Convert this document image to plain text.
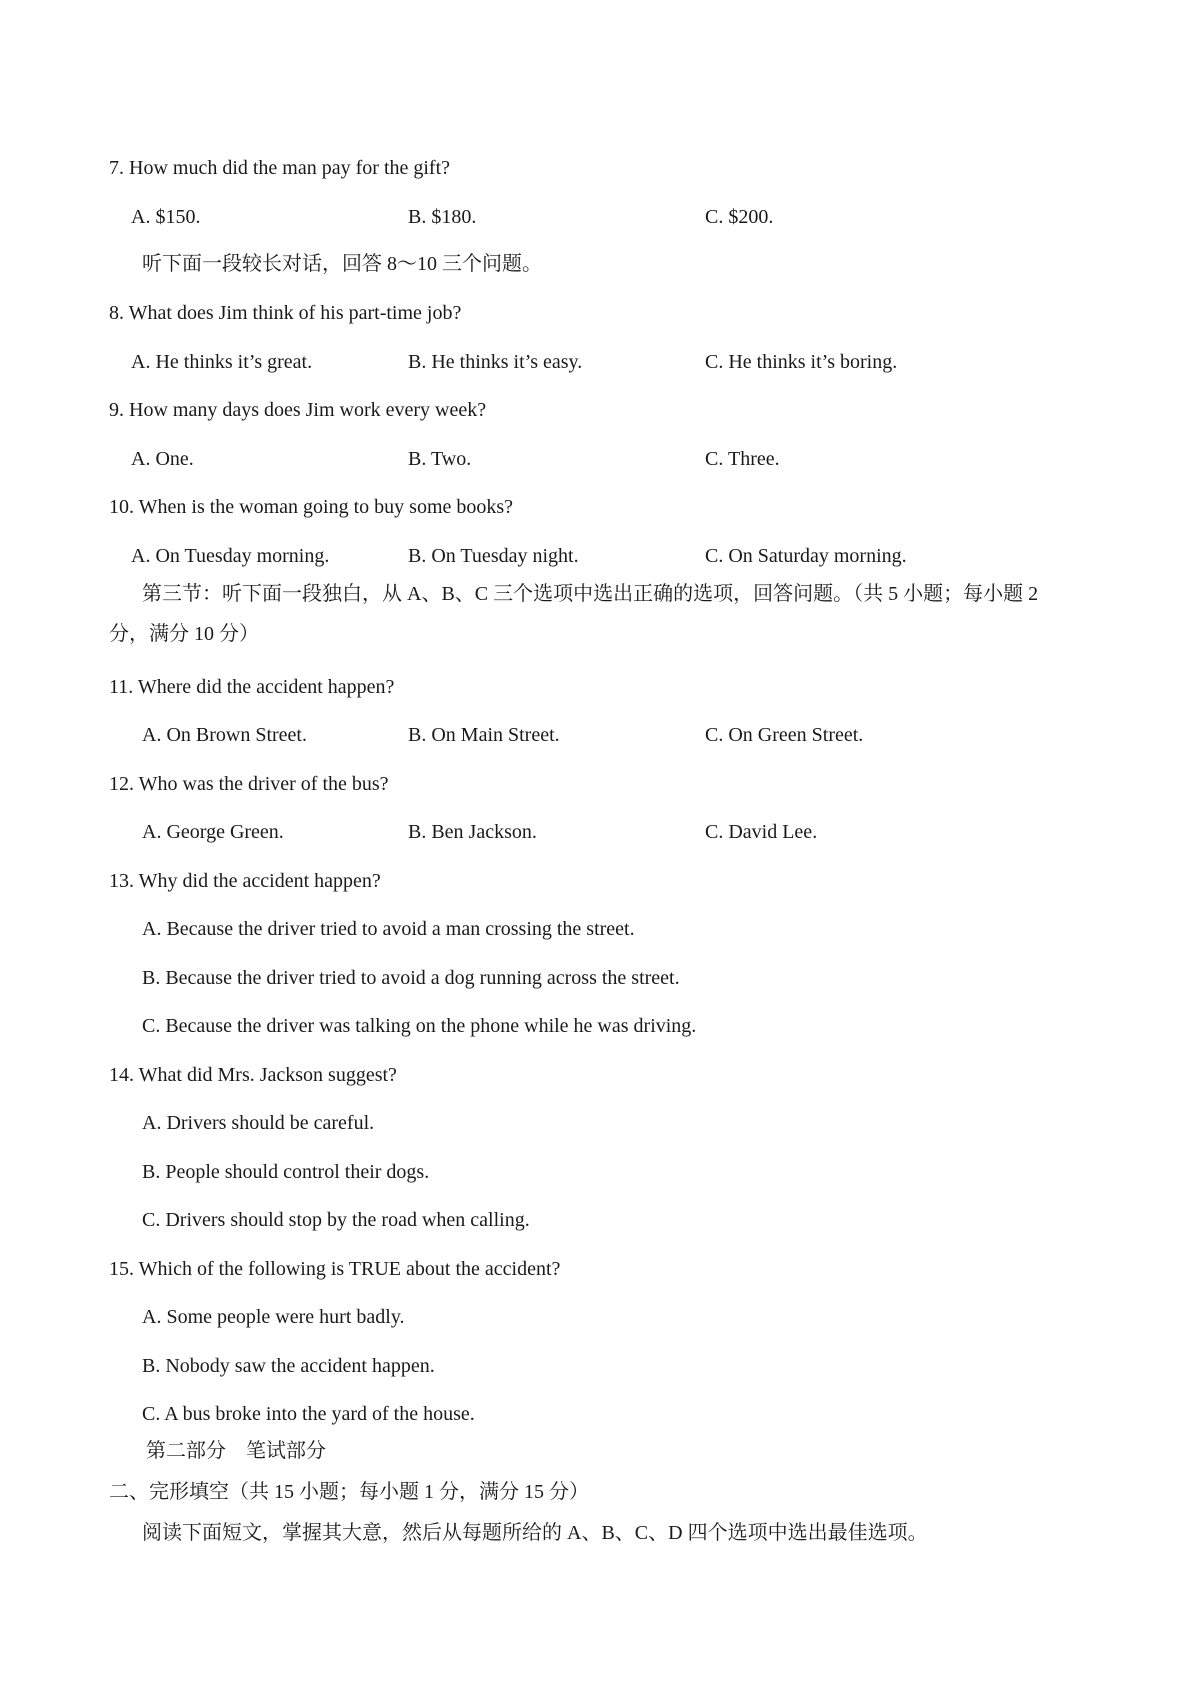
7. How much did the man pay for the gift?
A. $150.	B. $180.	C. $200.
听下面一段较长对话，回答 8～10 三个问题。
8. What does Jim think of his part-time job?
A. He thinks it’s great.	B. He thinks it’s easy.	C. He thinks it’s boring.
9. How many days does Jim work every week?
A. One.	B. Two.	C. Three.
10. When is the woman going to buy some books?
A. On Tuesday morning.	B. On Tuesday night.	C. On Saturday morning.
第三节：听下面一段独白，从 A、B、C 三个选项中选出正确的选项，回答问题。（共 5 小题；每小题 2
分，满分 10 分）
11. Where did the accident happen?
A. On Brown Street.	B. On Main Street.	C. On Green Street.
12. Who was the driver of the bus?
A. George Green.	B. Ben Jackson.	C. David Lee.
13. Why did the accident happen?
A. Because the driver tried to avoid a man crossing the street.
B. Because the driver tried to avoid a dog running across the street.
C. Because the driver was talking on the phone while he was driving.
14. What did Mrs. Jackson suggest?
A. Drivers should be careful.
B. People should control their dogs.
C. Drivers should stop by the road when calling.
15. Which of the following is TRUE about the accident?
A. Some people were hurt badly.
B. Nobody saw the accident happen.
C. A bus broke into the yard of the house.
第二部分　笔试部分
二、完形填空（共 15 小题；每小题 1 分，满分 15 分）
阅读下面短文，掌握其大意，然后从每题所给的 A、B、C、D 四个选项中选出最佳选项。
